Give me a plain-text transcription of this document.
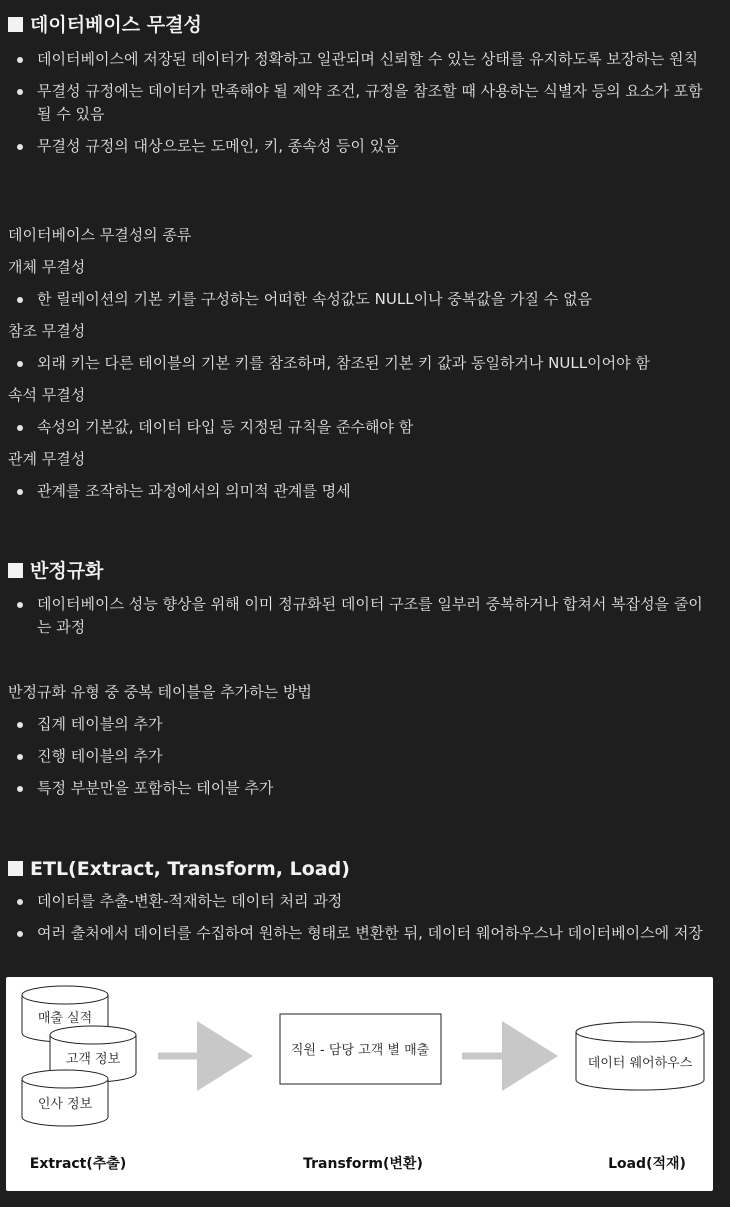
데이터베이스 무결성
데이터베이스에 저장된 데이터가 정확하고 일관되며 신뢰할 수 있는 상태를 유지하도록 보장하는 원칙
무결성 규정에는 데이터가 만족해야 될 제약 조건, 규정을 참조할 때 사용하는 식별자 등의 요소가 포함될 수 있음
무결성 규정의 대상으로는 도메인, 키, 종속성 등이 있음

데이터베이스 무결성의 종류

개체 무결성

한 릴레이션의 기본 키를 구성하는 어떠한 속성값도 NULL이나 중복값을 가질 수 없음

참조 무결성

외래 키는 다른 테이블의 기본 키를 참조하며, 참조된 기본 키 값과 동일하거나 NULL이어야 함

속석 무결성

속성의 기본값, 데이터 타입 등 지정된 규칙을 준수해야 함

관계 무결성

관계를 조작하는 과정에서의 의미적 관계를 명세
반정규화
데이터베이스 성능 향상을 위해 이미 정규화된 데이터 구조를 일부러 중복하거나 합쳐서 복잡성을 줄이는 과정

반정규화 유형 중 중복 테이블을 추가하는 방법

집계 테이블의 추가
진행 테이블의 추가
특정 부분만을 포함하는 테이블 추가
ETL(Extract, Transform, Load)
데이터를 추출-변환-적재하는 데이터 처리 과정
여러 출처에서 데이터를 수집하여 원하는 형태로 변환한 뒤, 데이터 웨어하우스나 데이터베이스에 저장
매출 실적
고객 정보
인사 정보
직원 - 담당 고객 별 매출
데이터 웨어하우스
Extract(추출)	Transform(변환)	Load(적재)
